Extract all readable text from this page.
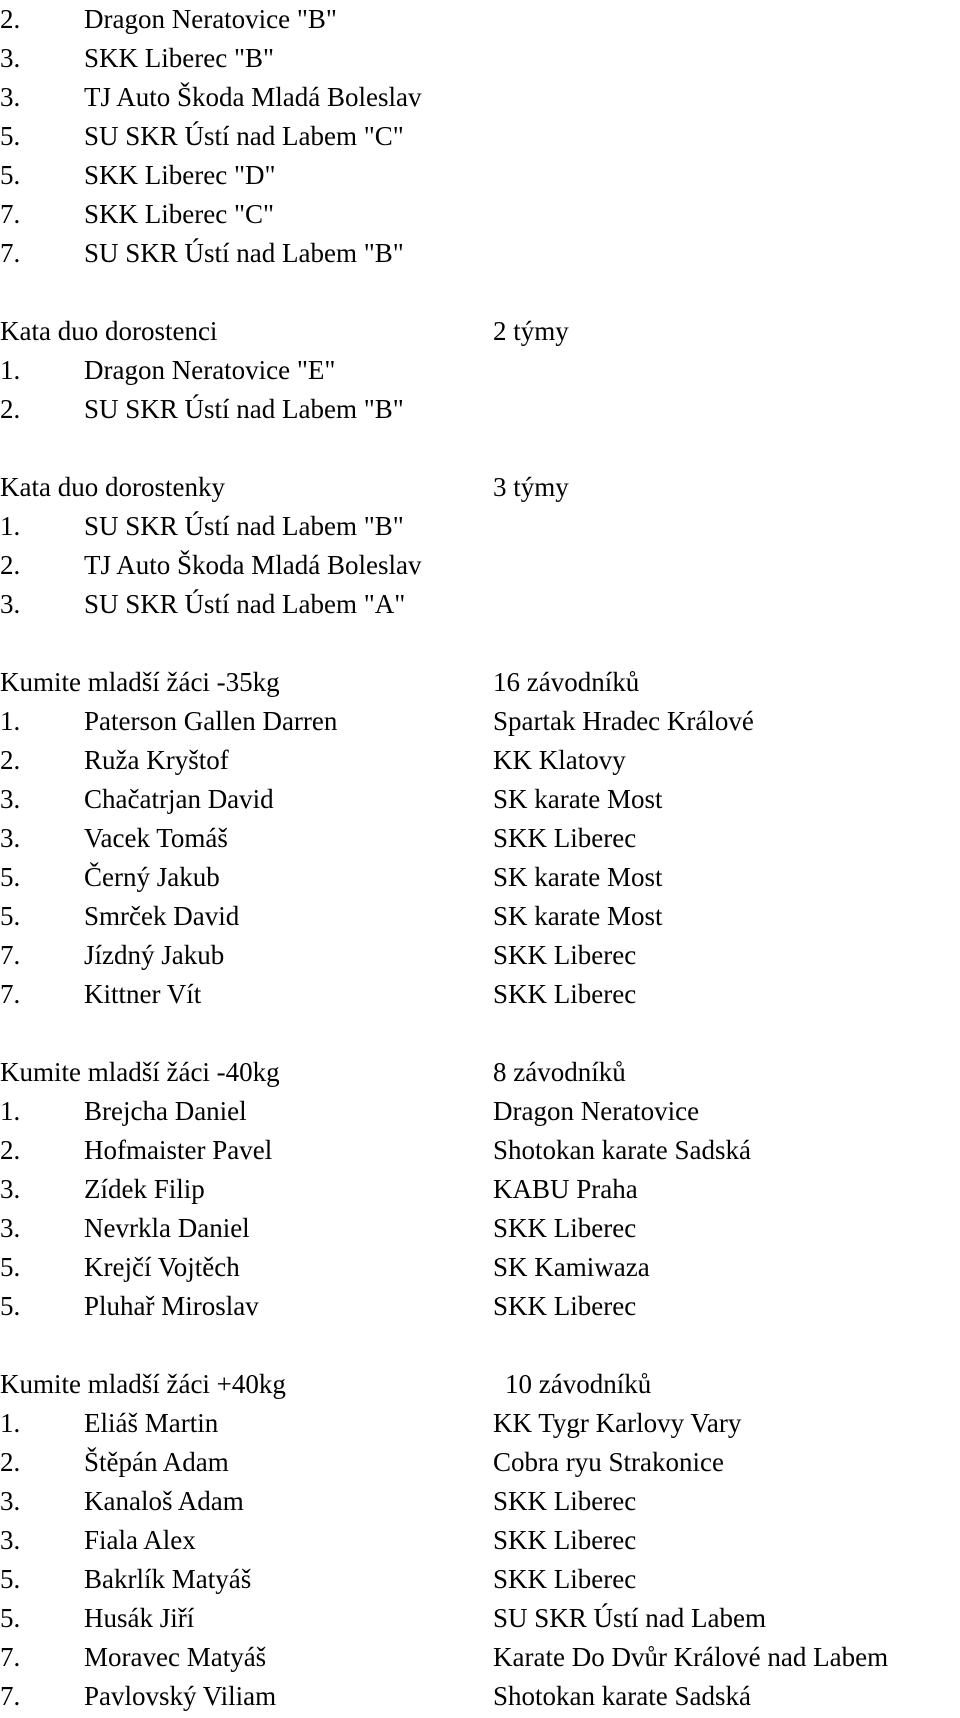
2. Dragon Neratovice "B"
3. SKK Liberec "B"
3. TJ Auto Škoda Mladá Boleslav
5. SU SKR Ústí nad Labem "C"
5. SKK Liberec "D"
7. SKK Liberec "C"
7. SU SKR Ústí nad Labem "B"
Kata duo dorostenci	2 týmy
1. Dragon Neratovice "E"
2. SU SKR Ústí nad Labem "B"
Kata duo dorostenky	3 týmy
1. SU SKR Ústí nad Labem "B"
2. TJ Auto Škoda Mladá Boleslav
3. SU SKR Ústí nad Labem "A"
Kumite mladší žáci -35kg	16 závodníků
1. Paterson Gallen Darren	Spartak Hradec Králové
2. Ruža Kryštof	KK Klatovy
3. Chačatrjan David	SK karate Most
3. Vacek Tomáš	SKK Liberec
5. Černý Jakub	SK karate Most
5. Smrček David	SK karate Most
7. Jízdný Jakub	SKK Liberec
7. Kittner Vít	SKK Liberec
Kumite mladší žáci -40kg	8 závodníků
1. Brejcha Daniel	Dragon Neratovice
2. Hofmaister Pavel	Shotokan karate Sadská
3. Zídek Filip	KABU Praha
3. Nevrkla Daniel	SKK Liberec
5. Krejčí Vojtěch	SK Kamiwaza
5. Pluhař Miroslav	SKK Liberec
Kumite mladší žáci +40kg	10 závodníků
1. Eliáš Martin	KK Tygr Karlovy Vary
2. Štěpán Adam	Cobra ryu Strakonice
3. Kanaloš Adam	SKK Liberec
3. Fiala Alex	SKK Liberec
5. Bakrlík Matyáš	SKK Liberec
5. Husák Jiří	SU SKR Ústí nad Labem
7. Moravec Matyáš	Karate Do Dvůr Králové nad Labem
7. Pavlovský Viliam	Shotokan karate Sadská
